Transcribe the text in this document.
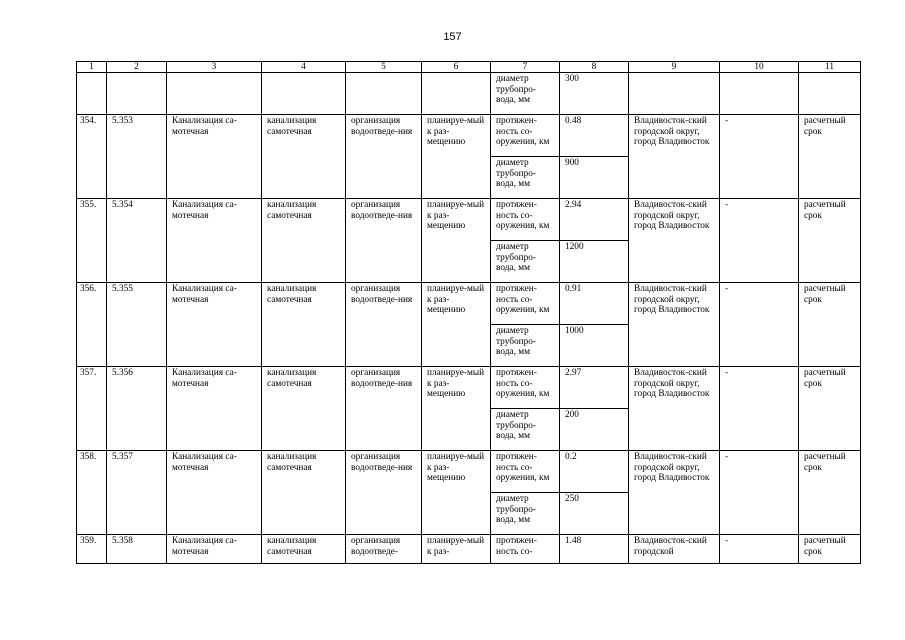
157
1	2	3	4	5	6	7	8	9	10	11
						диаметр трубопро-вода, мм	300			
354.	5.353	Канализация са-мотечная	канализация самотечная	организация водоотведе-ния	планируе-мый к раз-мещению	протяжен-ность со-оружения, км	0.48	Владивосток-ский городской округ, город Владивосток	-	расчетный срок
						диаметр трубопро-вода, мм	900			
355.	5.354	Канализация са-мотечная	канализация самотечная	организация водоотведе-ния	планируе-мый к раз-мещению	протяжен-ность со-оружения, км	2.94	Владивосток-ский городской округ, город Владивосток	-	расчетный срок
						диаметр трубопро-вода, мм	1200			
356.	5.355	Канализация са-мотечная	канализация самотечная	организация водоотведе-ния	планируе-мый к раз-мещению	протяжен-ность со-оружения, км	0.91	Владивосток-ский городской округ, город Владивосток	-	расчетный срок
						диаметр трубопро-вода, мм	1000			
357.	5.356	Канализация са-мотечная	канализация самотечная	организация водоотведе-ния	планируе-мый к раз-мещению	протяжен-ность со-оружения, км	2.97	Владивосток-ский городской округ, город Владивосток	-	расчетный срок
						диаметр трубопро-вода, мм	200			
358.	5.357	Канализация са-мотечная	канализация самотечная	организация водоотведе-ния	планируе-мый к раз-мещению	протяжен-ность со-оружения, км	0.2	Владивосток-ский городской округ, город Владивосток	-	расчетный срок
						диаметр трубопро-вода, мм	250			
359.	5.358	Канализация са-мотечная	канализация самотечная	организация водоотведе-	планируе-мый к раз-	протяжен-ность со-	1.48	Владивосток-ский городской	-	расчетный срок
